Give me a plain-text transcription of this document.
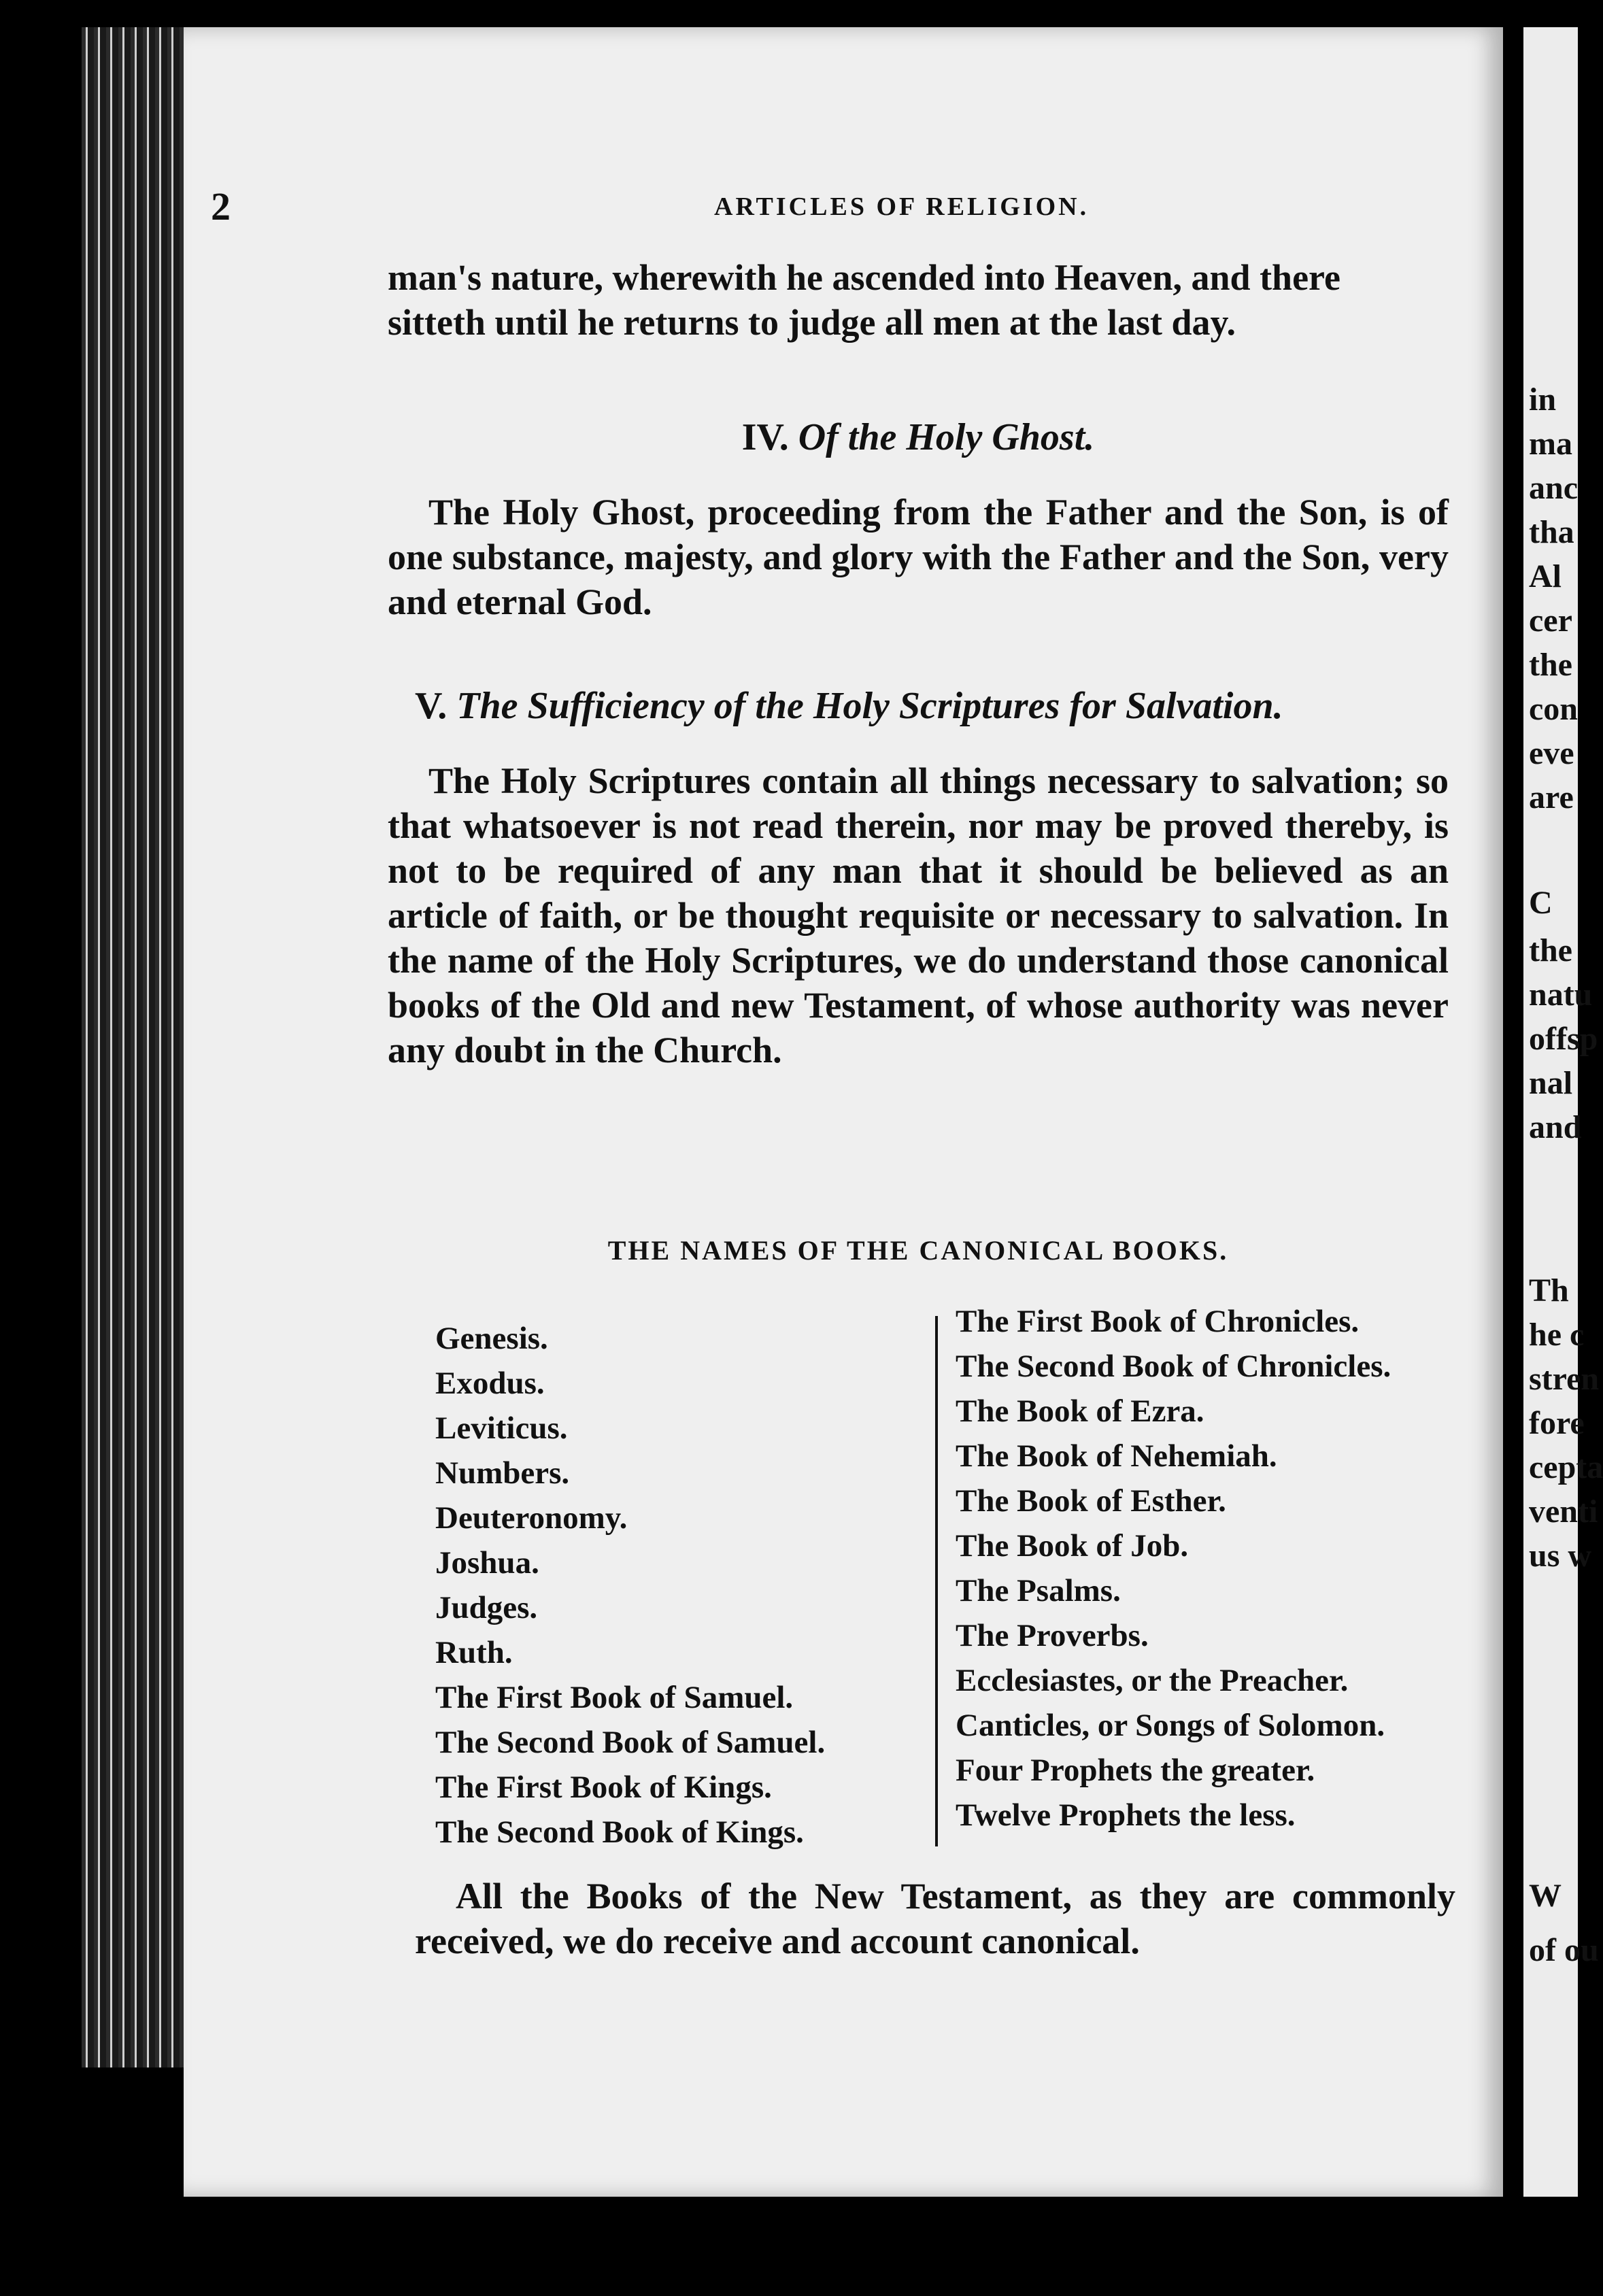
2	ARTICLES OF RELIGION.
man's nature, wherewith he ascended into Heaven, and there
sitteth until he returns to judge all men at the last day.

IV. Of the Holy Ghost.

The Holy Ghost, proceeding from the Father and the Son, is of one substance, majesty, and glory with the Father and the Son, very and eternal God.

V. The Sufficiency of the Holy Scriptures for Salvation.

The Holy Scriptures contain all things necessary to salvation; so that whatsoever is not read therein, nor may be proved thereby, is not to be required of any man that it should be believed as an article of faith, or be thought requisite or necessary to salvation. In the name of the Holy Scriptures, we do understand those canonical books of the Old and new Testament, of whose authority was never any doubt in the Church.

THE NAMES OF THE CANONICAL BOOKS.
Genesis.
Exodus.
Leviticus.
Numbers.
Deuteronomy.
Joshua.
Judges.
Ruth.
The First Book of Samuel.
The Second Book of Samuel.
The First Book of Kings.
The Second Book of Kings.
The First Book of Chronicles.
The Second Book of Chronicles.
The Book of Ezra.
The Book of Nehemiah.
The Book of Esther.
The Book of Job.
The Psalms.
The Proverbs.
Ecclesiastes, or the Preacher.
Canticles, or Songs of Solomon.
Four Prophets the greater.
Twelve Prophets the less.

All the Books of the New Testament, as they are commonly received, we do receive and account canonical.

in
ma
anc
tha
Al
cer
the
con
eve
are
C
the
natu
offsp
nal
and
Th
he c
stren
fore
cepta
venti
us w
W
of ou
